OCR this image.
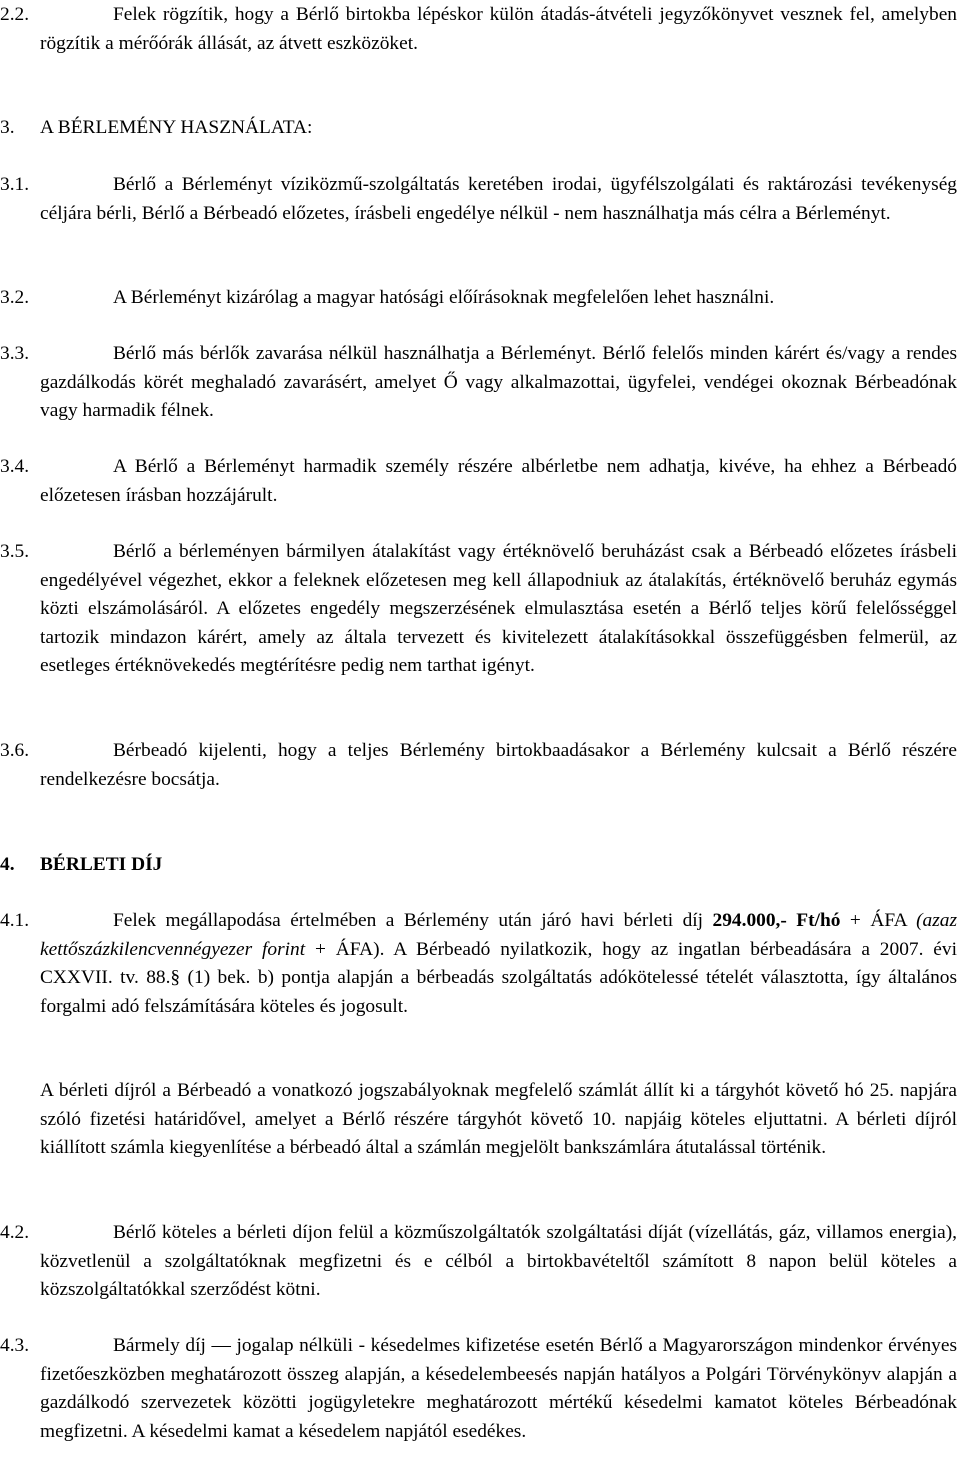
2.2.	Felek rögzítik, hogy a Bérlő birtokba lépéskor külön átadás-átvételi jegyzőkönyvet vesznek fel, amelyben rögzítik a mérőórák állását, az átvett eszközöket.
3. A BÉRLEMÉNY HASZNÁLATA:
3.1.	Bérlő a Bérleményt víziközmű-szolgáltatás keretében irodai, ügyfélszolgálati és raktározási tevékenység céljára bérli, Bérlő a Bérbeadó előzetes, írásbeli engedélye nélkül - nem használhatja más célra a Bérleményt.
3.2.	A Bérleményt kizárólag a magyar hatósági előírásoknak megfelelően lehet használni.
3.3.	Bérlő más bérlők zavarása nélkül használhatja a Bérleményt. Bérlő felelős minden kárért és/vagy a rendes gazdálkodás körét meghaladó zavarásért, amelyet Ő vagy alkalmazottai, ügyfelei, vendégei okoznak Bérbeadónak vagy harmadik félnek.
3.4.	A Bérlő a Bérleményt harmadik személy részére albérletbe nem adhatja, kivéve, ha ehhez a Bérbeadó előzetesen írásban hozzájárult.
3.5.	Bérlő a bérleményen bármilyen átalakítást vagy értéknövelő beruházást csak a Bérbeadó előzetes írásbeli engedélyével végezhet, ekkor a feleknek előzetesen meg kell állapodniuk az átalakítás, értéknövelő beruház egymás közti elszámolásáról. A előzetes engedély megszerzésének elmulasztása esetén a Bérlő teljes körű felelősséggel tartozik mindazon kárért, amely az általa tervezett és kivitelezett átalakításokkal összefüggésben felmerül, az esetleges értéknövekedés megtérítésre pedig nem tarthat igényt.
3.6.	Bérbeadó kijelenti, hogy a teljes Bérlemény birtokbaadásakor a Bérlemény kulcsait a Bérlő részére rendelkezésre bocsátja.
4. BÉRLETI DÍJ
4.1.	Felek megállapodása értelmében a Bérlemény után járó havi bérleti díj 294.000,- Ft/hó + ÁFA (azaz kettőszázkilencvennégyezer forint + ÁFA). A Bérbeadó nyilatkozik, hogy az ingatlan bérbeadására a 2007. évi CXXVII. tv. 88.§ (1) bek. b) pontja alapján a bérbeadás szolgáltatás adókötelessé tételét választotta, így általános forgalmi adó felszámítására köteles és jogosult.
A bérleti díjról a Bérbeadó a vonatkozó jogszabályoknak megfelelő számlát állít ki a tárgyhót követő hó 25. napjára szóló fizetési határidővel, amelyet a Bérlő részére tárgyhót követő 10. napjáig köteles eljuttatni. A bérleti díjról kiállított számla kiegyenlítése a bérbeadó által a számlán megjelölt bankszámlára átutalással történik.
4.2.	Bérlő köteles a bérleti díjon felül a közműszolgáltatók szolgáltatási díját (vízellátás, gáz, villamos energia), közvetlenül a szolgáltatóknak megfizetni és e célból a birtokbavételtől számított 8 napon belül köteles a közszolgáltatókkal szerződést kötni.
4.3.	Bármely díj — jogalap nélküli - késedelmes kifizetése esetén Bérlő a Magyarországon mindenkor érvényes fizetőeszközben meghatározott összeg alapján, a késedelembeesés napján hatályos a Polgári Törvénykönyv alapján a gazdálkodó szervezetek közötti jogügyletekre meghatározott mértékű késedelmi kamatot köteles Bérbeadónak megfizetni. A késedelmi kamat a késedelem napjától esedékes.
